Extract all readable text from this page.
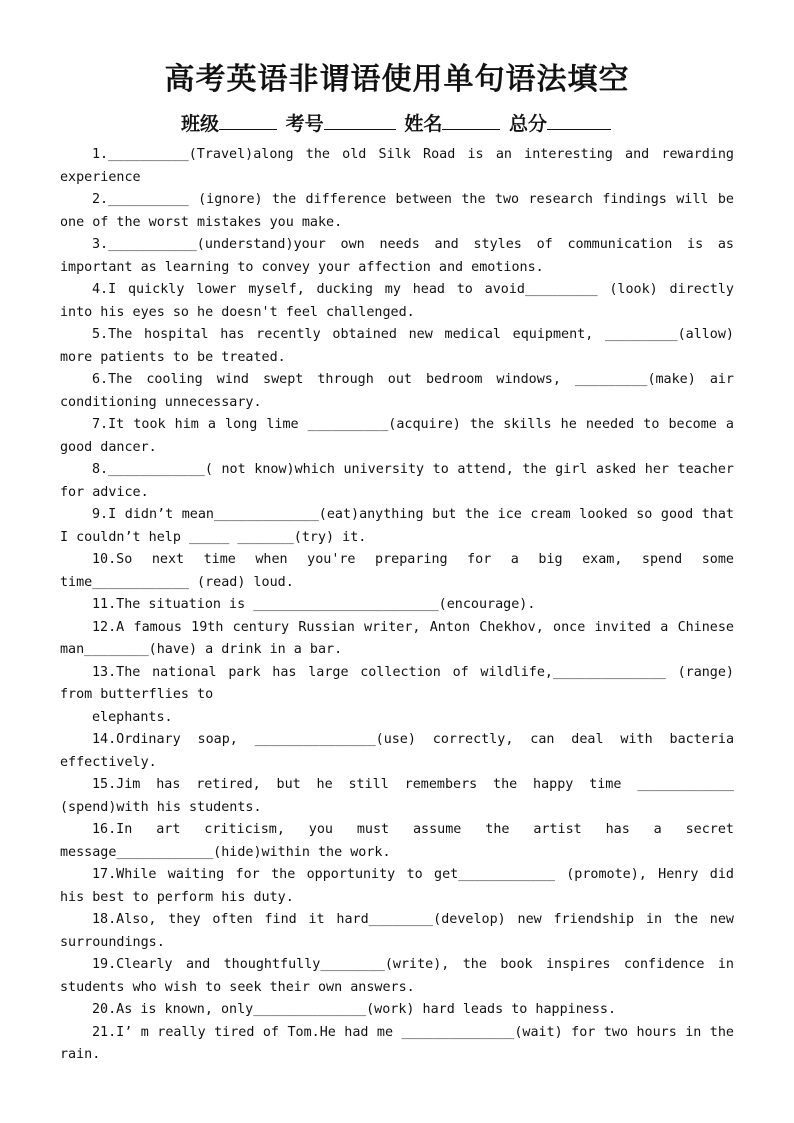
高考英语非谓语使用单句语法填空
班级	考号	姓名	总分

1.__________(Travel)along the old Silk Road is an interesting and rewarding experience

2.__________ (ignore) the difference between the two research findings will be one of the worst mistakes you make.

3.___________(understand)your own needs and styles of communication is as important as learning to convey your affection and emotions.

4.I quickly lower myself, ducking my head to avoid_________ (look) directly into his eyes so he doesn't feel challenged.

5.The hospital has recently obtained new medical equipment, _________(allow) more patients to be treated.

6.The cooling wind swept through out bedroom windows, _________(make) air conditioning unnecessary.

7.It took him a long lime __________(acquire) the skills he needed to become a good dancer.

8.____________( not know)which university to attend, the girl asked her teacher for advice.

9.I didn’t mean_____________(eat)anything but the ice cream looked so good that I couldn’t help _____ _______(try) it.

10.So next time when you're preparing for a big exam, spend some time____________ (read) loud.

11.The situation is _______________________(encourage).

12.A famous 19th century Russian writer, Anton Chekhov, once invited a Chinese man________(have) a drink in a bar.

13.The national park has large collection of wildlife,______________ (range) from butterflies to

elephants.

14.Ordinary soap, _______________(use) correctly, can deal with bacteria effectively.

15.Jim has retired, but he still remembers the happy time ____________ (spend)with his students.

16.In art criticism, you must assume the artist has a secret message____________(hide)within the work.

17.While waiting for the opportunity to get____________ (promote), Henry did his best to perform his duty.

18.Also, they often find it hard________(develop) new friendship in the new surroundings.

19.Clearly and thoughtfully________(write), the book inspires confidence in students who wish to seek their own answers.

20.As is known, only______________(work) hard leads to happiness.

21.I’ m really tired of Tom.He had me ______________(wait) for two hours in the rain.
